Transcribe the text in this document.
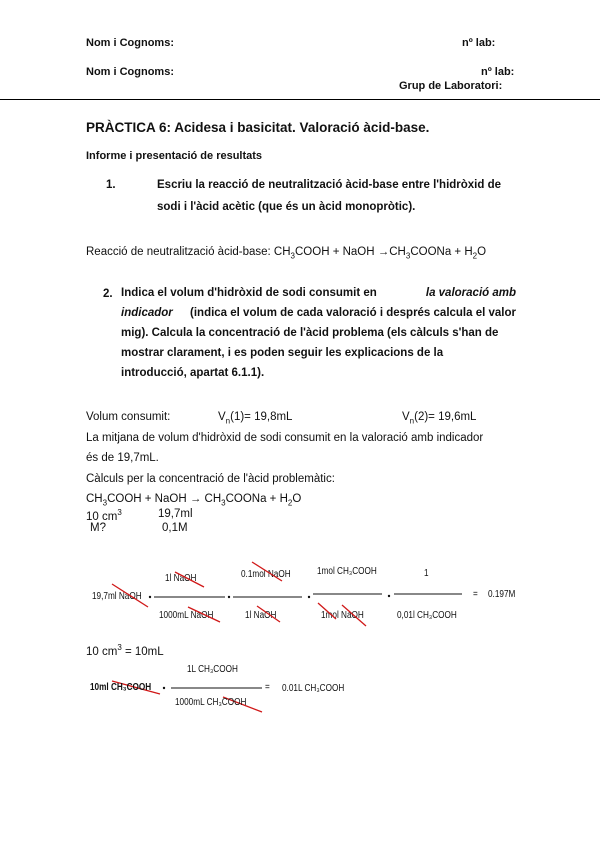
Nom i Cognoms:	nº lab:
Nom i Cognoms:	nº lab:
Grup de Laboratori:
PRÀCTICA 6: Acidesa i basicitat. Valoració àcid-base.
Informe i presentació de resultats
1.	Escriu la reacció de neutralització àcid-base entre l'hidròxid de
sodi i l'àcid acètic (que és un àcid monopròtic).
Reacció de neutralització àcid-base: $CH_3COOH$ + NaOH $\to CH_3COONa + H_2O$
2. Indica el volum d'hidròxid de sodi consumit en	la valoració amb
indicador (indica el volum de cada valoració i després calcula el valor
mig). Calcula la concentració de l'àcid problema (els càlculs s'han de
mostrar clarament, i es poden seguir les explicacions de la
introducció, apartat 6.1.1).
Volum consumit:	$V_n(1)= 19,8mL$	$V_n(2)= 19,6mL$
La mitjana de volum d'hidròxid de sodi consumit en la valoració amb indicador
és de 19,7mL.
Càlculs per la concentració de l'àcid problemàtic:
$CH_3COOH$ + NaOH → $CH_3COONa + H_2O$
10 $cm^3$	19,7ml
M?	0,1M
19,7ml NaOH
1l NaOH
1000mL NaOH
0.1mol NaOH
1l NaOH
1mol CH₃COOH
1mol NaOH
1
0,01l CH₃COOH
= 0.197M
10 $cm^3 = 10mL$
10ml CH₃COOH
1L CH₃COOH
1000mL CH₃COOH
= 0.01L CH₃COOH
